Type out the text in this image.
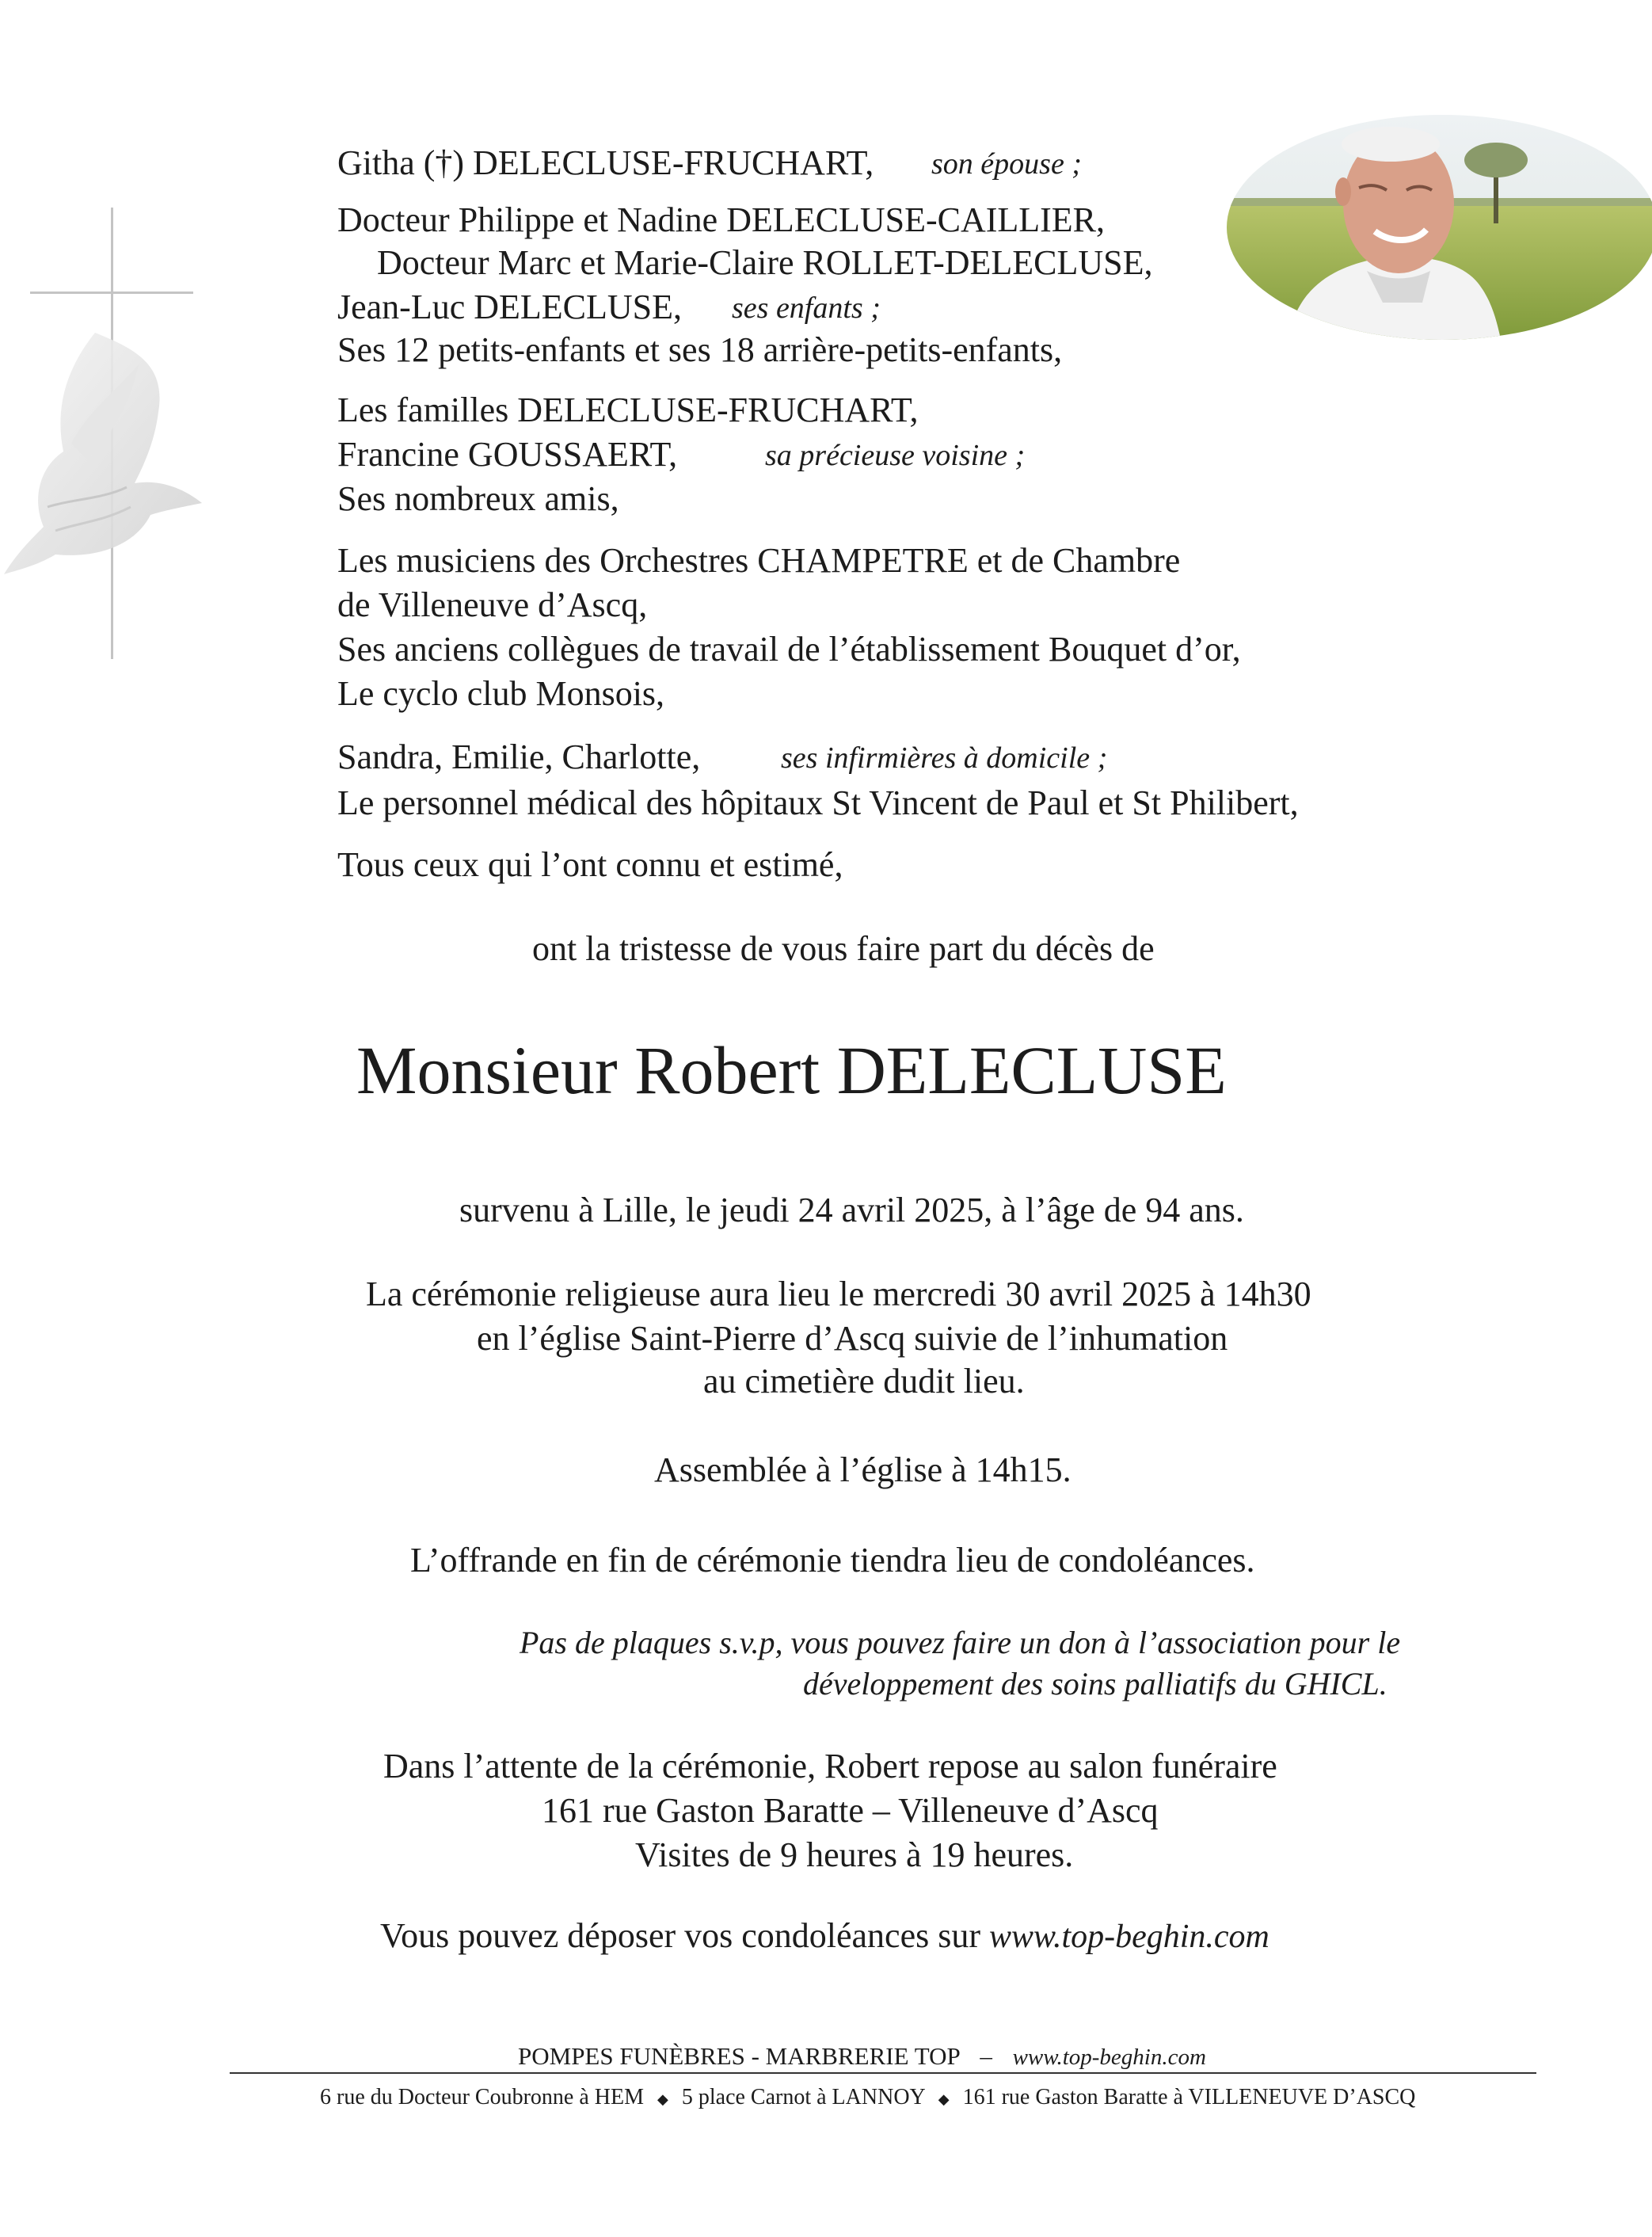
Githa (†) DELECLUSE-FRUCHART, son épouse ;
Docteur Philippe et Nadine DELECLUSE-CAILLIER,
Docteur Marc et Marie-Claire ROLLET-DELECLUSE,
Jean-Luc DELECLUSE, ses enfants ;
Ses 12 petits-enfants et ses 18 arrière-petits-enfants,
Les familles DELECLUSE-FRUCHART,
Francine GOUSSAERT,	sa précieuse voisine ;
Ses nombreux amis,
Les musiciens des Orchestres CHAMPETRE et de Chambre
de Villeneuve d’Ascq,
Ses anciens collègues de travail de l’établissement Bouquet d’or,
Le cyclo club Monsois,
Sandra, Emilie, Charlotte,	ses infirmières à domicile ;
Le personnel médical des hôpitaux St Vincent de Paul et St Philibert,
Tous ceux qui l’ont connu et estimé,
ont la tristesse de vous faire part du décès de
Monsieur Robert DELECLUSE
survenu à Lille, le jeudi 24 avril 2025, à l’âge de 94 ans.
La cérémonie religieuse aura lieu le mercredi 30 avril 2025 à 14h30
en l’église Saint-Pierre d’Ascq suivie de l’inhumation
au cimetière dudit lieu.
Assemblée à l’église à 14h15.
L’offrande en fin de cérémonie tiendra lieu de condoléances.
Pas de plaques s.v.p, vous pouvez faire un don à l’association pour le
développement des soins palliatifs du GHICL.
Dans l’attente de la cérémonie, Robert repose au salon funéraire
161 rue Gaston Baratte – Villeneuve d’Ascq
Visites de 9 heures à 19 heures.
Vous pouvez déposer vos condoléances sur www.top-beghin.com
POMPES FUNÈBRES - MARBRERIE TOP – www.top-beghin.com
6 rue du Docteur Coubronne à HEM ◆ 5 place Carnot à LANNOY ◆ 161 rue Gaston Baratte à VILLENEUVE D’ASCQ
